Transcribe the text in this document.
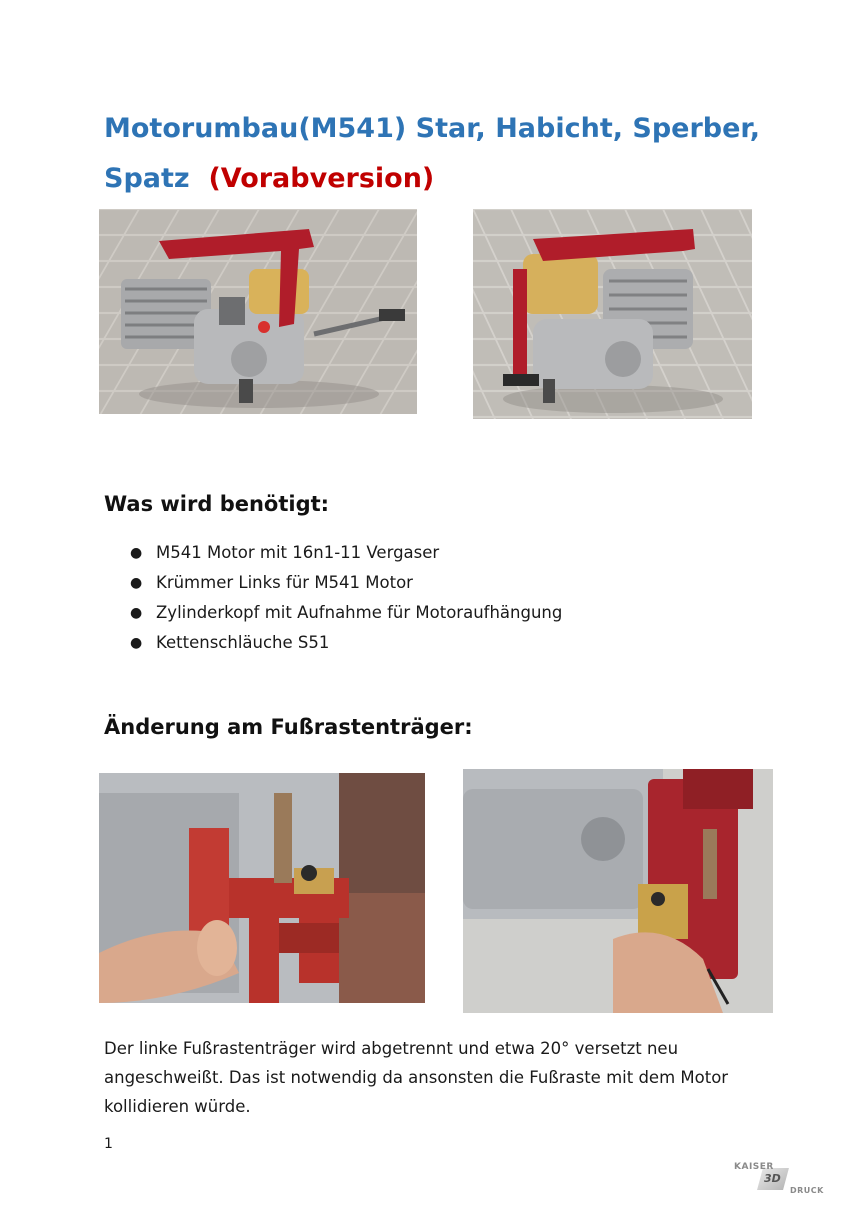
Motorumbau(M541) Star, Habicht, Sperber, Spatz (Vorabversion)
Was wird benötigt:
● M541 Motor mit 16n1-11 Vergaser
● Krümmer Links für M541 Motor
● Zylinderkopf mit Aufnahme für Motoraufhängung
● Kettenschläuche S51
Änderung am Fußrastenträger:

Der linke Fußrastenträger wird abgetrennt und etwa 20° versetzt neu angeschweißt. Das ist notwendig da ansonsten die Fußraste mit dem Motor kollidieren würde.

1
KAISER
3D
DRUCK
